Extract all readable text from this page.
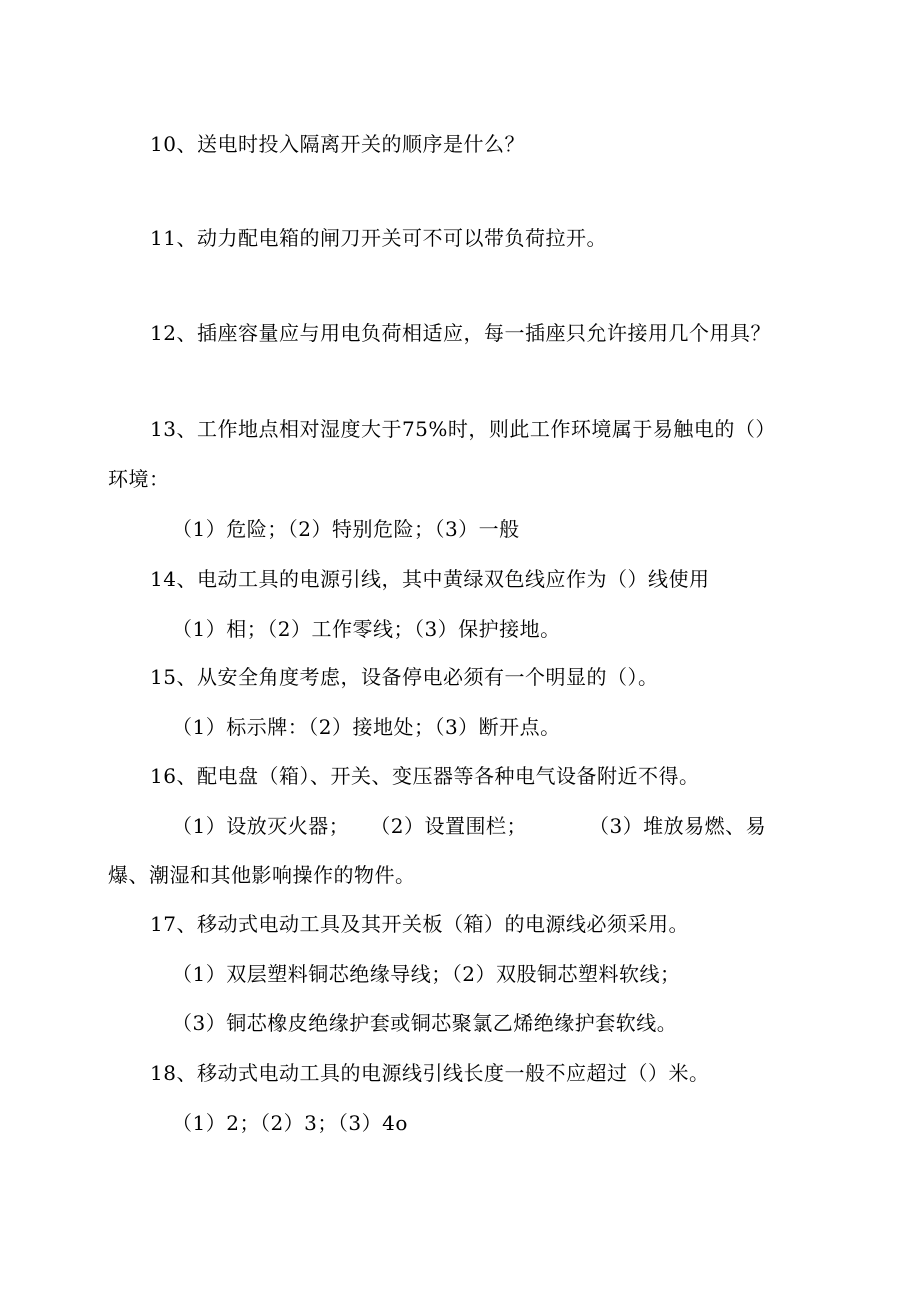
10、送电时投入隔离开关的顺序是什么？
11、动力配电箱的闸刀开关可不可以带负荷拉开。
12、插座容量应与用电负荷相适应，每一插座只允许接用几个用具？
13、工作地点相对湿度大于75%时，则此工作环境属于易触电的（）
环境：
（1）危险；（2）特别危险；（3）一般
14、电动工具的电源引线，其中黄绿双色线应作为（）线使用
（1）相；（2）工作零线；（3）保护接地。
15、从安全角度考虑，设备停电必须有一个明显的（）。
（1）标示牌：（2）接地处；（3）断开点。
16、配电盘（箱）、开关、变压器等各种电气设备附近不得。
（1）设放灭火器；　　（2）设置围栏；　　　　（3）堆放易燃、易
爆、潮湿和其他影响操作的物件。
17、移动式电动工具及其开关板（箱）的电源线必须采用。
（1）双层塑料铜芯绝缘导线；（2）双股铜芯塑料软线；
（3）铜芯橡皮绝缘护套或铜芯聚氯乙烯绝缘护套软线。
18、移动式电动工具的电源线引线长度一般不应超过（）米。
（1）2；（2）3；（3）4o
